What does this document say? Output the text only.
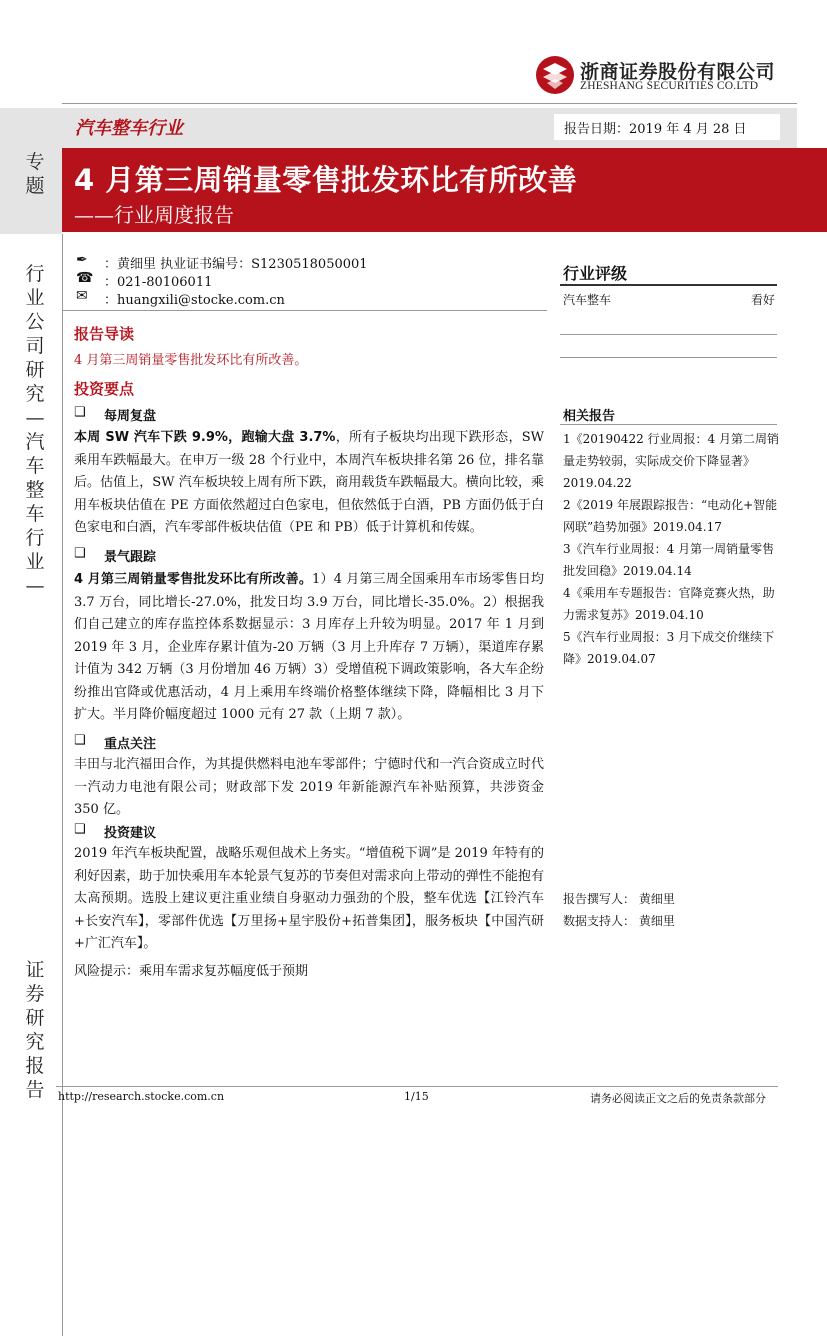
浙商证券股份有限公司
ZHESHANG SECURITIES CO.LTD
汽车整车行业	报告日期：2019 年 4 月 28 日
4 月第三周销量零售批发环比有所改善
——行业周度报告
专题
行业公司研究—汽车整车行业—
证券研究报告
✒	：黄细里 执业证书编号：S1230518050001
☎ ：021-80106011
✉	：huangxili@stocke.com.cn
报告导读
4 月第三周销量零售批发环比有所改善。
投资要点
❑ 每周复盘
本周 SW 汽车下跌 9.9%，跑输大盘 3.7%，所有子板块均出现下跌形态，SW 乘用车跌幅最大。在申万一级 28 个行业中，本周汽车板块排名第 26 位，排名靠后。估值上，SW 汽车板块较上周有所下跌，商用载货车跌幅最大。横向比较，乘用车板块估值在 PE 方面依然超过白色家电，但依然低于白酒，PB 方面仍低于白色家电和白酒，汽车零部件板块估值（PE 和 PB）低于计算机和传媒。
❑ 景气跟踪
4 月第三周销量零售批发环比有所改善。1）4 月第三周全国乘用车市场零售日均 3.7 万台，同比增长-27.0%，批发日均 3.9 万台，同比增长-35.0%。2）根据我们自己建立的库存监控体系数据显示：3 月库存上升较为明显。2017 年 1 月到 2019 年 3 月，企业库存累计值为-20 万辆（3 月上升库存 7 万辆），渠道库存累计值为 342 万辆（3 月份增加 46 万辆）3）受增值税下调政策影响，各大车企纷纷推出官降或优惠活动，4 月上乘用车终端价格整体继续下降，降幅相比 3 月下扩大。半月降价幅度超过 1000 元有 27 款（上期 7 款）。
❑ 重点关注
丰田与北汽福田合作，为其提供燃料电池车零部件；宁德时代和一汽合资成立时代一汽动力电池有限公司；财政部下发 2019 年新能源汽车补贴预算，共涉资金 350 亿。
❑ 投资建议
2019 年汽车板块配置，战略乐观但战术上务实。“增值税下调”是 2019 年特有的利好因素，助于加快乘用车本轮景气复苏的节奏但对需求向上带动的弹性不能抱有太高预期。选股上建议更注重业绩自身驱动力强劲的个股，整车优选【江铃汽车+长安汽车】，零部件优选【万里扬+星宇股份+拓普集团】，服务板块【中国汽研+广汇汽车】。
风险提示：乘用车需求复苏幅度低于预期
行业评级
汽车整车	看好
相关报告
1《20190422 行业周报：4 月第二周销量走势较弱，实际成交价下降显著》2019.04.22
2《2019 年展跟踪报告：“电动化+智能网联”趋势加强》2019.04.17
3《汽车行业周报：4 月第一周销量零售批发回稳》2019.04.14
4《乘用车专题报告：官降竞赛火热，助力需求复苏》2019.04.10
5《汽车行业周报：3 月下成交价继续下降》2019.04.07
报告撰写人： 黄细里
数据支持人： 黄细里
http://research.stocke.com.cn	1/15	请务必阅读正文之后的免责条款部分
